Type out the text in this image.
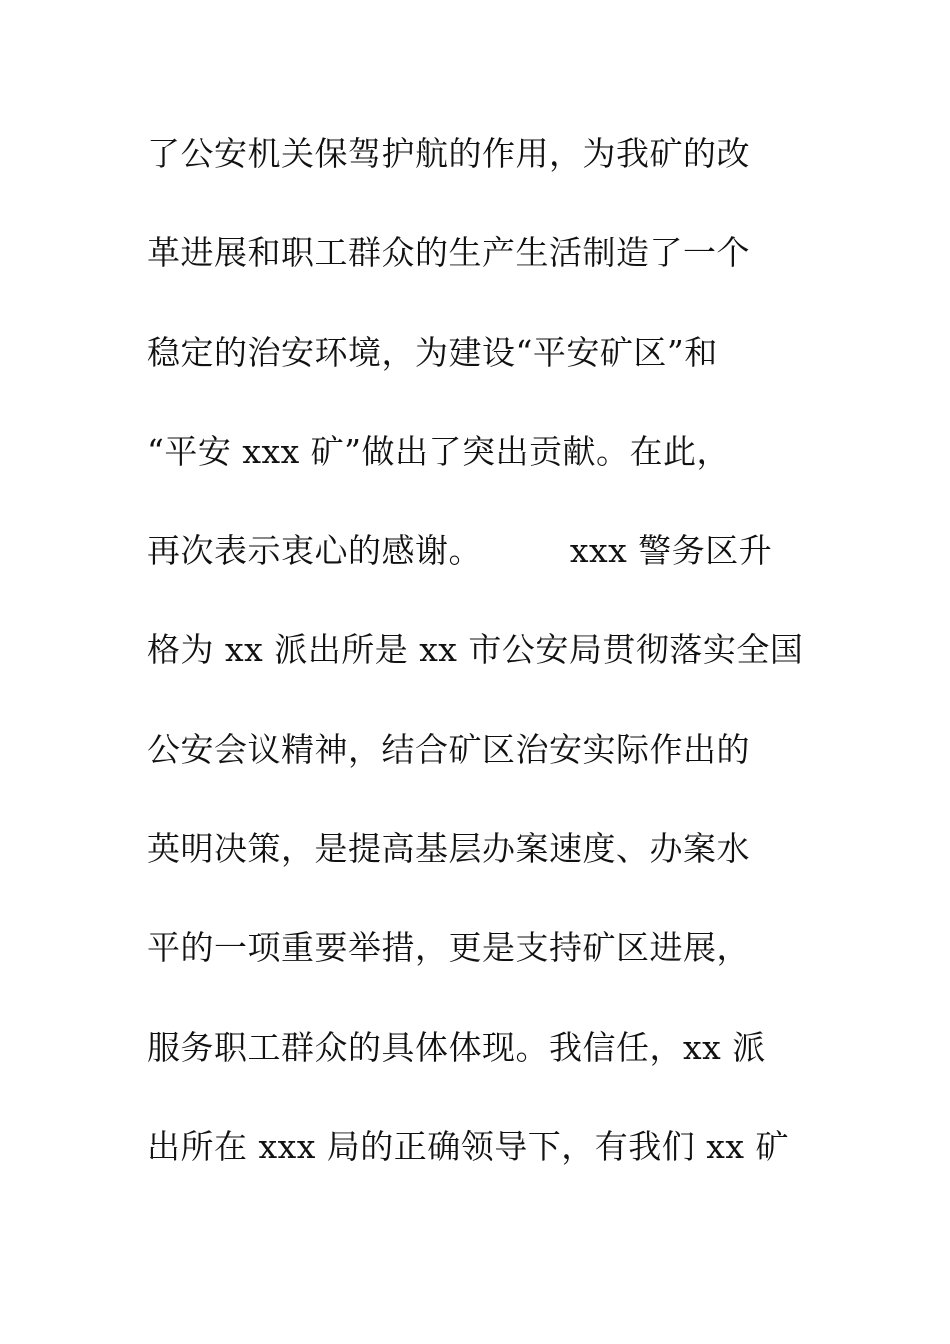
了公安机关保驾护航的作用，为我矿的改
革进展和职工群众的生产生活制造了一个
稳定的治安环境，为建设“平安矿区”和
“平安 xxx 矿”做出了突出贡献。在此，
再次表示衷心的感谢。        xxx 警务区升
格为 xx 派出所是 xx 市公安局贯彻落实全国
公安会议精神，结合矿区治安实际作出的
英明决策，是提高基层办案速度、办案水
平的一项重要举措，更是支持矿区进展，
服务职工群众的具体体现。我信任，xx 派
出所在 xxx 局的正确领导下，有我们 xx 矿
